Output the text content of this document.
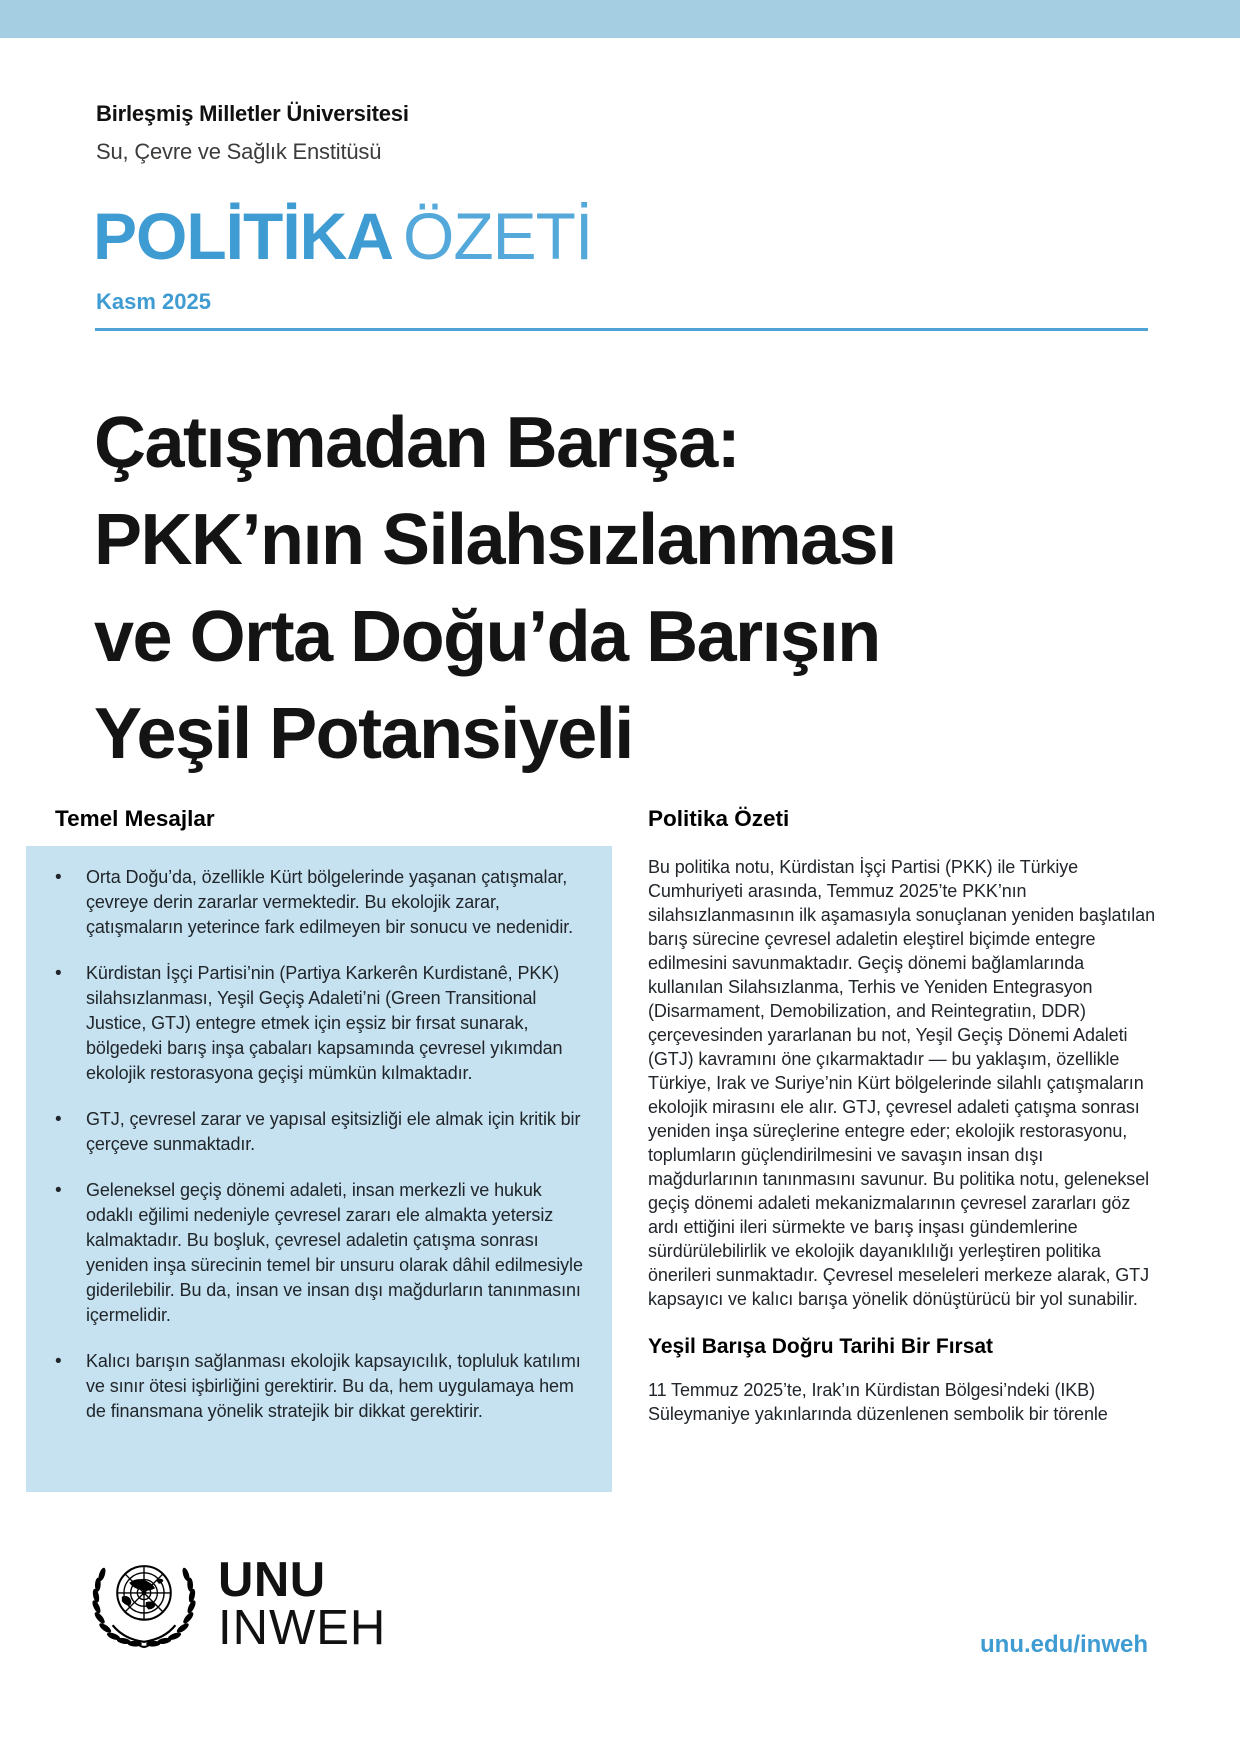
Birleşmiş Milletler Üniversitesi
Su, Çevre ve Sağlık Enstitüsü
POLİTİKA ÖZETİ
Kasm 2025
Çatışmadan Barışa:
PKK’nın Silahsızlanması
ve Orta Doğu’da Barışın
Yeşil Potansiyeli
Temel Mesajlar
• Orta Doğu’da, özellikle Kürt bölgelerinde yaşanan çatışmalar, çevreye derin zararlar vermektedir. Bu ekolojik zarar, çatışmaların yeterince fark edilmeyen bir sonucu ve nedenidir.
• Kürdistan İşçi Partisi’nin (Partiya Karkerên Kurdistanê, PKK) silahsızlanması, Yeşil Geçiş Adaleti’ni (Green Transitional Justice, GTJ) entegre etmek için eşsiz bir fırsat sunarak, bölgedeki barış inşa çabaları kapsamında çevresel yıkımdan ekolojik restorasyona geçişi mümkün kılmaktadır.
• GTJ, çevresel zarar ve yapısal eşitsizliği ele almak için kritik bir çerçeve sunmaktadır.
• Geleneksel geçiş dönemi adaleti, insan merkezli ve hukuk odaklı eğilimi nedeniyle çevresel zararı ele almakta yetersiz kalmaktadır. Bu boşluk, çevresel adaletin çatışma sonrası yeniden inşa sürecinin temel bir unsuru olarak dâhil edilmesiyle giderilebilir. Bu da, insan ve insan dışı mağdurların tanınmasını içermelidir.
• Kalıcı barışın sağlanması ekolojik kapsayıcılık, topluluk katılımı ve sınır ötesi işbirliğini gerektirir. Bu da, hem uygulamaya hem de finansmana yönelik stratejik bir dikkat gerektirir.
Politika Özeti

Bu politika notu, Kürdistan İşçi Partisi (PKK) ile Türkiye Cumhuriyeti arasında, Temmuz 2025’te PKK’nın silahsızlanmasının ilk aşamasıyla sonuçlanan yeniden başlatılan barış sürecine çevresel adaletin eleştirel biçimde entegre edilmesini savunmaktadır. Geçiş dönemi bağlamlarında kullanılan Silahsızlanma, Terhis ve Yeniden Entegrasyon (Disarmament, Demobilization, and Reintegratiın, DDR) çerçevesinden yararlanan bu not, Yeşil Geçiş Dönemi Adaleti (GTJ) kavramını öne çıkarmaktadır — bu yaklaşım, özellikle Türkiye, Irak ve Suriye’nin Kürt bölgelerinde silahlı çatışmaların ekolojik mirasını ele alır. GTJ, çevresel adaleti çatışma sonrası yeniden inşa süreçlerine entegre eder; ekolojik restorasyonu, toplumların güçlendirilmesini ve savaşın insan dışı mağdurlarının tanınmasını savunur. Bu politika notu, geleneksel geçiş dönemi adaleti mekanizmalarının çevresel zararları göz ardı ettiğini ileri sürmekte ve barış inşası gündemlerine sürdürülebilirlik ve ekolojik dayanıklılığı yerleştiren politika önerileri sunmaktadır. Çevresel meseleleri merkeze alarak, GTJ kapsayıcı ve kalıcı barışa yönelik dönüştürücü bir yol sunabilir.

Yeşil Barışa Doğru Tarihi Bir Fırsat

11 Temmuz 2025’te, Irak’ın Kürdistan Bölgesi’ndeki (IKB) Süleymaniye yakınlarında düzenlenen sembolik bir törenle

UNU
INWEH	unu.edu/inweh
